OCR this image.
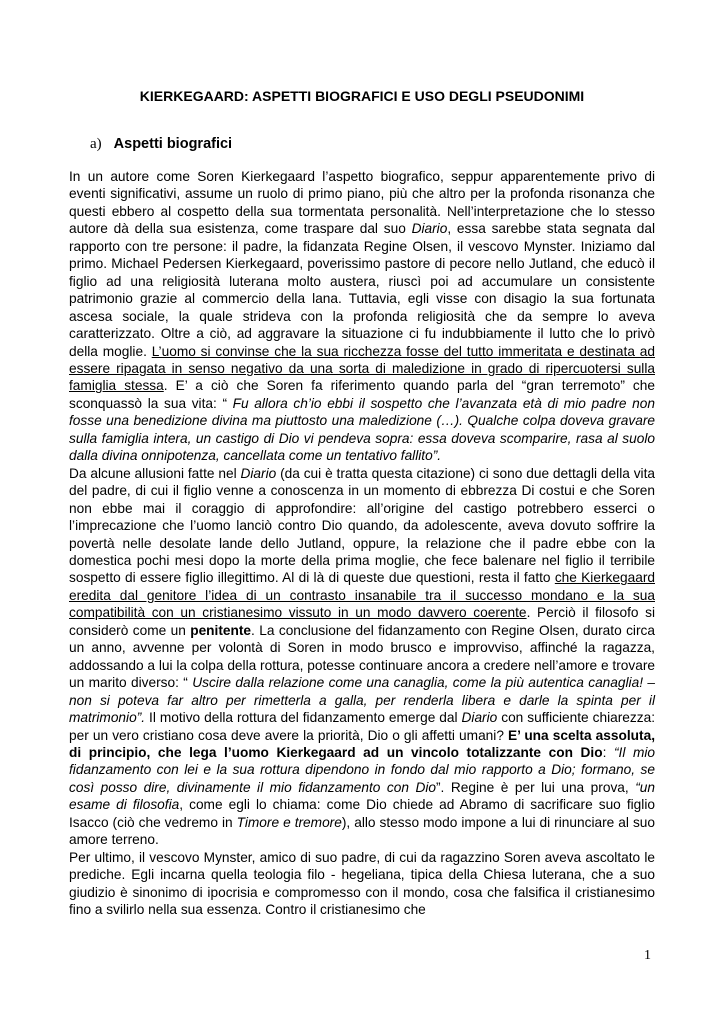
KIERKEGAARD: ASPETTI BIOGRAFICI E USO DEGLI PSEUDONIMI
a) Aspetti biografici

In un autore come Soren Kierkegaard l’aspetto biografico, seppur apparentemente privo di eventi significativi, assume un ruolo di primo piano, più che altro per la profonda risonanza che questi ebbero al cospetto della sua tormentata personalità. Nell’interpretazione che lo stesso autore dà della sua esistenza, come traspare dal suo Diario, essa sarebbe stata segnata dal rapporto con tre persone: il padre, la fidanzata Regine Olsen, il vescovo Mynster. Iniziamo dal primo. Michael Pedersen Kierkegaard, poverissimo pastore di pecore nello Jutland, che educò il figlio ad una religiosità luterana molto austera, riuscì poi ad accumulare un consistente patrimonio grazie al commercio della lana. Tuttavia, egli visse con disagio la sua fortunata ascesa sociale, la quale strideva con la profonda religiosità che da sempre lo aveva caratterizzato. Oltre a ciò, ad aggravare la situazione ci fu indubbiamente il lutto che lo privò della moglie. L’uomo si convinse che la sua ricchezza fosse del tutto immeritata e destinata ad essere ripagata in senso negativo da una sorta di maledizione in grado di ripercuotersi sulla famiglia stessa. E’ a ciò che Soren fa riferimento quando parla del “gran terremoto” che sconquassò la sua vita: “ Fu allora ch’io ebbi il sospetto che l’avanzata età di mio padre non fosse una benedizione divina ma piuttosto una maledizione (…). Qualche colpa doveva gravare sulla famiglia intera, un castigo di Dio vi pendeva sopra: essa doveva scomparire, rasa al suolo dalla divina onnipotenza, cancellata come un tentativo fallito”.

Da alcune allusioni fatte nel Diario (da cui è tratta questa citazione) ci sono due dettagli della vita del padre, di cui il figlio venne a conoscenza in un momento di ebbrezza Di costui e che Soren non ebbe mai il coraggio di approfondire: all’origine del castigo potrebbero esserci o l’imprecazione che l’uomo lanciò contro Dio quando, da adolescente, aveva dovuto soffrire la povertà nelle desolate lande dello Jutland, oppure, la relazione che il padre ebbe con la domestica pochi mesi dopo la morte della prima moglie, che fece balenare nel figlio il terribile sospetto di essere figlio illegittimo. Al di là di queste due questioni, resta il fatto che Kierkegaard eredita dal genitore l’idea di un contrasto insanabile tra il successo mondano e la sua compatibilità con un cristianesimo vissuto in un modo davvero coerente. Perciò il filosofo si considerò come un penitente. La conclusione del fidanzamento con Regine Olsen, durato circa un anno, avvenne per volontà di Soren in modo brusco e improvviso, affinché la ragazza, addossando a lui la colpa della rottura, potesse continuare ancora a credere nell’amore e trovare un marito diverso: “ Uscire dalla relazione come una canaglia, come la più autentica canaglia! – non si poteva far altro per rimetterla a galla, per renderla libera e darle la spinta per il matrimonio”. Il motivo della rottura del fidanzamento emerge dal Diario con sufficiente chiarezza: per un vero cristiano cosa deve avere la priorità, Dio o gli affetti umani? E’ una scelta assoluta, di principio, che lega l’uomo Kierkegaard ad un vincolo totalizzante con Dio: “Il mio fidanzamento con lei e la sua rottura dipendono in fondo dal mio rapporto a Dio; formano, se così posso dire, divinamente il mio fidanzamento con Dio”. Regine è per lui una prova, “un esame di filosofia, come egli lo chiama: come Dio chiede ad Abramo di sacrificare suo figlio Isacco (ciò che vedremo in Timore e tremore), allo stesso modo impone a lui di rinunciare al suo amore terreno.

Per ultimo, il vescovo Mynster, amico di suo padre, di cui da ragazzino Soren aveva ascoltato le prediche. Egli incarna quella teologia filo - hegeliana, tipica della Chiesa luterana, che a suo giudizio è sinonimo di ipocrisia e compromesso con il mondo, cosa che falsifica il cristianesimo fino a svilirlo nella sua essenza. Contro il cristianesimo che

1
